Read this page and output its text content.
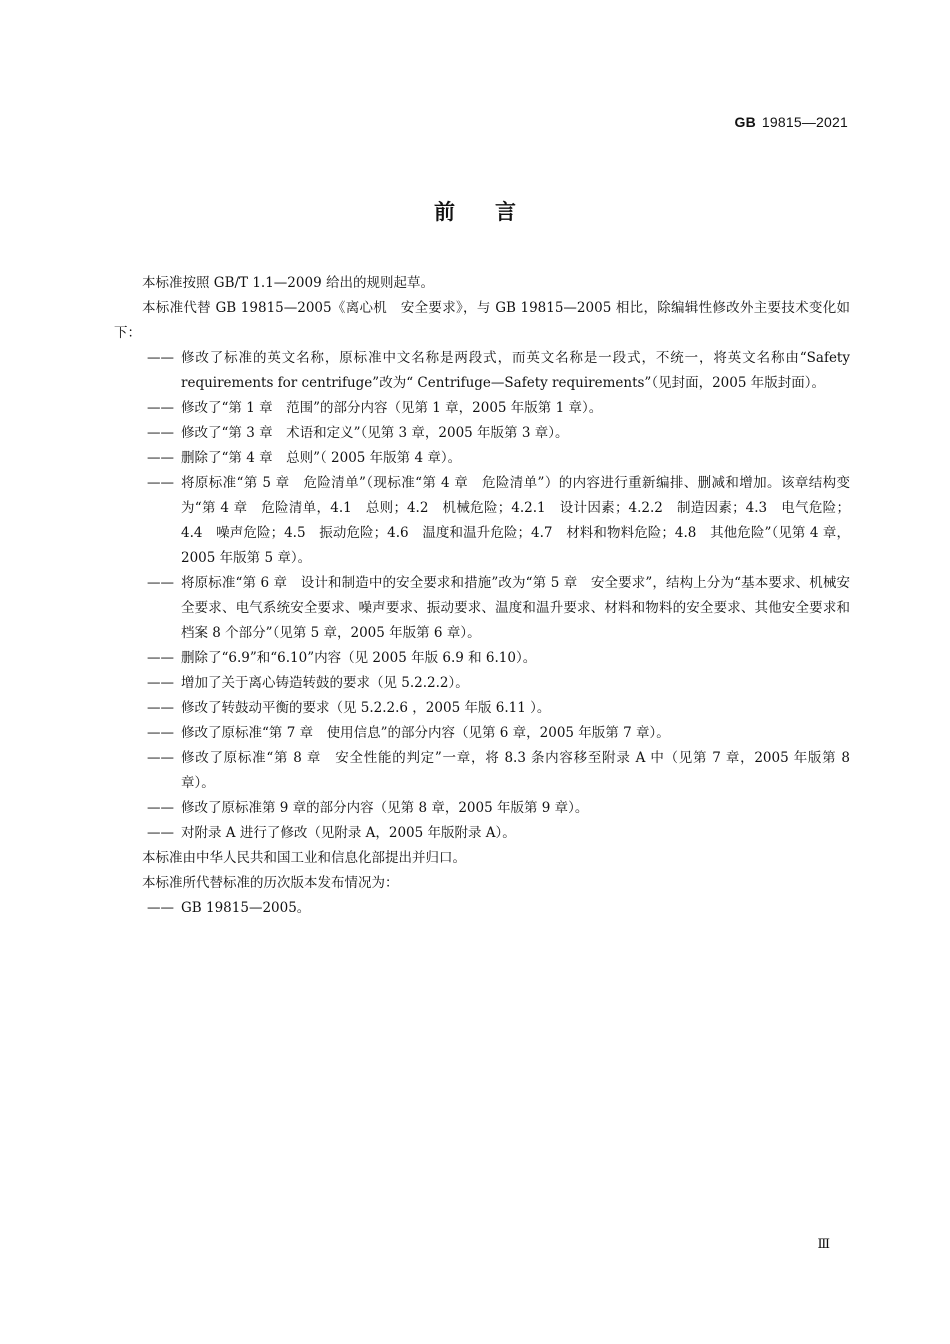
GB 19815—2021
前言

本标准按照 GB/T 1.1—2009 给出的规则起草。

本标准代替 GB 19815—2005《离心机　安全要求》，与 GB 19815—2005 相比，除编辑性修改外主要技术变化如下：

—— 修改了标准的英文名称，原标准中文名称是两段式，而英文名称是一段式，不统一，将英文名称由“Safety requirements for centrifuge”改为“ Centrifuge—Safety requirements”（见封面，2005 年版封面）。

—— 修改了“第 1 章　范围”的部分内容（见第 1 章，2005 年版第 1 章）。

—— 修改了“第 3 章　术语和定义”（见第 3 章，2005 年版第 3 章）。

—— 删除了“第 4 章　总则”（ 2005 年版第 4 章）。

—— 将原标准“第 5 章　危险清单”（现标准“第 4 章　危险清单”）的内容进行重新编排、删减和增加。该章结构变为“第 4 章　危险清单，4.1　总则；4.2　机械危险；4.2.1　设计因素；4.2.2　制造因素；4.3　电气危险；4.4　噪声危险；4.5　振动危险；4.6　温度和温升危险；4.7　材料和物料危险；4.8　其他危险”（见第 4 章，2005 年版第 5 章）。

—— 将原标准“第 6 章　设计和制造中的安全要求和措施”改为“第 5 章　安全要求”，结构上分为“基本要求、机械安全要求、电气系统安全要求、噪声要求、振动要求、温度和温升要求、材料和物料的安全要求、其他安全要求和档案 8 个部分”（见第 5 章，2005 年版第 6 章）。

—— 删除了“6.9”和“6.10”内容（见 2005 年版 6.9 和 6.10）。

—— 增加了关于离心铸造转鼓的要求（见 5.2.2.2）。

—— 修改了转鼓动平衡的要求（见 5.2.2.6 ，2005 年版 6.11 ）。

—— 修改了原标准“第 7 章　使用信息”的部分内容（见第 6 章，2005 年版第 7 章）。

—— 修改了原标准“第 8 章　安全性能的判定”一章，将 8.3 条内容移至附录 A 中（见第 7 章，2005 年版第 8 章）。

—— 修改了原标准第 9 章的部分内容（见第 8 章，2005 年版第 9 章）。

—— 对附录 A 进行了修改（见附录 A，2005 年版附录 A）。

本标准由中华人民共和国工业和信息化部提出并归口。

本标准所代替标准的历次版本发布情况为：

—— GB 19815—2005。

Ⅲ
